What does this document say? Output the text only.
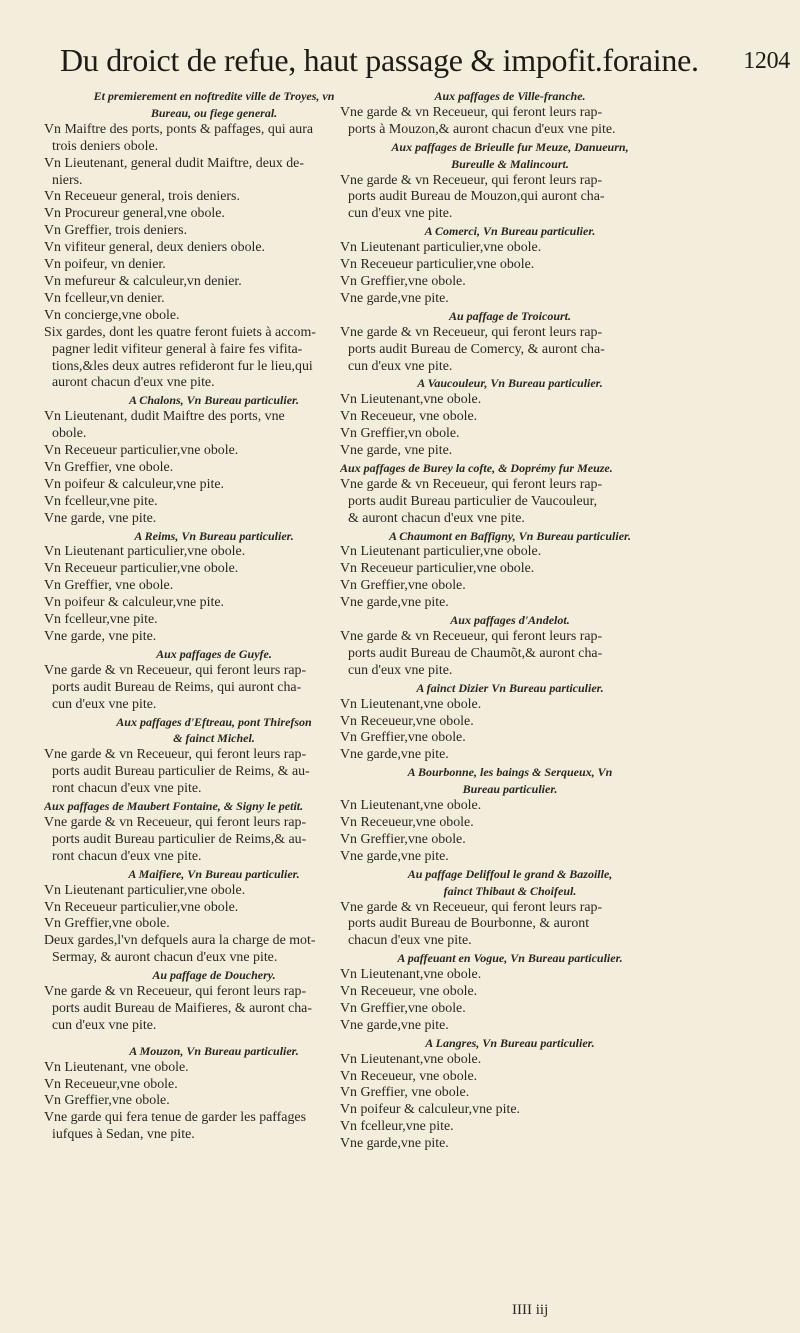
Du droict de refue, haut passage & impofit.foraine. 1204
Et premierement en noftredite ville de Troyes, vn
Bureau, ou fiege general.
Vn Maiftre des ports, ponts & paffages, qui aura
trois deniers obole.
Vn Lieutenant, general dudit Maiftre, deux de-
niers.
Vn Receueur general, trois deniers.
Vn Procureur general,vne obole.
Vn Greffier, trois deniers.
Vn vifiteur general, deux deniers obole.
Vn poifeur, vn denier.
Vn mefureur & calculeur,vn denier.
Vn fcelleur,vn denier.
Vn concierge,vne obole.
Six gardes, dont les quatre feront fuiets à accom-
pagner ledit vifiteur general à faire fes vifita-
tions,&les deux autres refideront fur le lieu,qui
auront chacun d'eux vne pite.
A Chalons, Vn Bureau particulier.
Vn Lieutenant, dudit Maiftre des ports, vne
obole.
Vn Receueur particulier,vne obole.
Vn Greffier, vne obole.
Vn poifeur & calculeur,vne pite.
Vn fcelleur,vne pite.
Vne garde, vne pite.
A Reims, Vn Bureau particulier.
Vn Lieutenant particulier,vne obole.
Vn Receueur particulier,vne obole.
Vn Greffier, vne obole.
Vn poifeur & calculeur,vne pite.
Vn fcelleur,vne pite.
Vne garde, vne pite.
Aux paffages de Guyfe.
Vne garde & vn Receueur, qui feront leurs rap-
ports audit Bureau de Reims, qui auront cha-
cun d'eux vne pite.
Aux paffages d'Eftreau, pont Thirefson
& fainct Michel.
Vne garde & vn Receueur, qui feront leurs rap-
ports audit Bureau particulier de Reims, & au-
ront chacun d'eux vne pite.
Aux paffages de Maubert Fontaine, & Signy le petit.
Vne garde & vn Receueur, qui feront leurs rap-
ports audit Bureau particulier de Reims,& au-
ront chacun d'eux vne pite.
A Maifiere, Vn Bureau particulier.
Vn Lieutenant particulier,vne obole.
Vn Receueur particulier,vne obole.
Vn Greffier,vne obole.
Deux gardes,l'vn defquels aura la charge de mot-
Sermay, & auront chacun d'eux vne pite.
Au paffage de Douchery.
Vne garde & vn Receueur, qui feront leurs rap-
ports audit Bureau de Maifieres, & auront cha-
cun d'eux vne pite.
A Mouzon, Vn Bureau particulier.
Vn Lieutenant, vne obole.
Vn Receueur,vne obole.
Vn Greffier,vne obole.
Vne garde qui fera tenue de garder les paffages
iufques à Sedan, vne pite.
Aux paffages de Ville-franche.
Vne garde & vn Receueur, qui feront leurs rap-
ports à Mouzon,& auront chacun d'eux vne pite.
Aux paffages de Brieulle fur Meuze, Danueurn,
Bureulle & Malincourt.
Vne garde & vn Receueur, qui feront leurs rap-
ports audit Bureau de Mouzon,qui auront cha-
cun d'eux vne pite.
A Comerci, Vn Bureau particulier.
Vn Lieutenant particulier,vne obole.
Vn Receueur particulier,vne obole.
Vn Greffier,vne obole.
Vne garde,vne pite.
Au paffage de Troicourt.
Vne garde & vn Receueur, qui feront leurs rap-
ports audit Bureau de Comercy, & auront cha-
cun d'eux vne pite.
A Vaucouleur, Vn Bureau particulier.
Vn Lieutenant,vne obole.
Vn Receueur, vne obole.
Vn Greffier,vn obole.
Vne garde, vne pite.
Aux paffages de Burey la cofte, & Doprémy fur Meuze.
Vne garde & vn Receueur, qui feront leurs rap-
ports audit Bureau particulier de Vaucouleur,
& auront chacun d'eux vne pite.
A Chaumont en Baffigny, Vn Bureau particulier.
Vn Lieutenant particulier,vne obole.
Vn Receueur particulier,vne obole.
Vn Greffier,vne obole.
Vne garde,vne pite.
Aux paffages d'Andelot.
Vne garde & vn Receueur, qui feront leurs rap-
ports audit Bureau de Chaumõt,& auront cha-
cun d'eux vne pite.
A fainct Dizier Vn Bureau particulier.
Vn Lieutenant,vne obole.
Vn Receueur,vne obole.
Vn Greffier,vne obole.
Vne garde,vne pite.
A Bourbonne, les baings & Serqueux, Vn
Bureau particulier.
Vn Lieutenant,vne obole.
Vn Receueur,vne obole.
Vn Greffier,vne obole.
Vne garde,vne pite.
Au paffage Deliffoul le grand & Bazoille,
fainct Thibaut & Choifeul.
Vne garde & vn Receueur, qui feront leurs rap-
ports audit Bureau de Bourbonne, & auront
chacun d'eux vne pite.
A paffeuant en Vogue, Vn Bureau particulier.
Vn Lieutenant,vne obole.
Vn Receueur, vne obole.
Vn Greffier,vne obole.
Vne garde,vne pite.
A Langres, Vn Bureau particulier.
Vn Lieutenant,vne obole.
Vn Receueur, vne obole.
Vn Greffier, vne obole.
Vn poifeur & calculeur,vne pite.
Vn fcelleur,vne pite.
Vne garde,vne pite.
IIII iij
